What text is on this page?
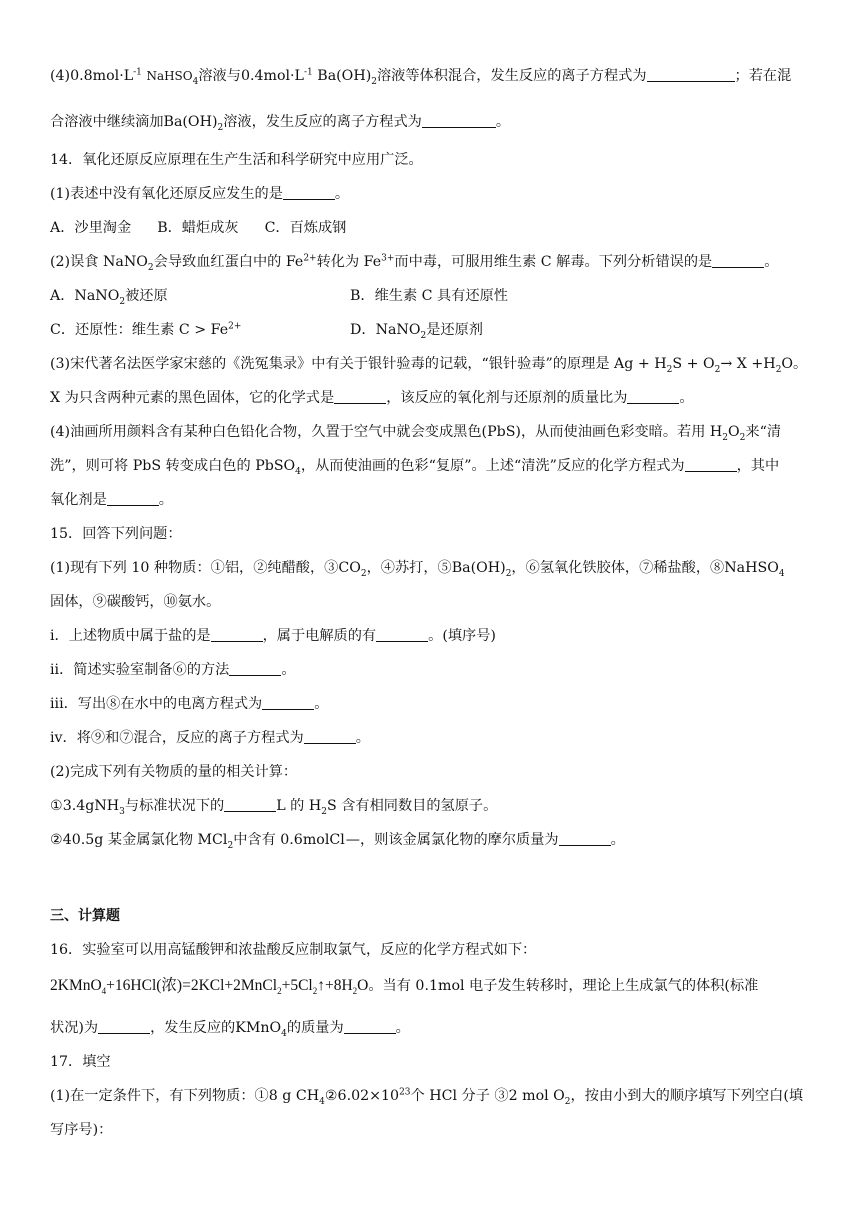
$(4)0.8mol\cdot L^{-1}$ NaHSO$_4$溶液与$0.4mol\cdot L^{-1}$ $Ba(OH)_2$溶液等体积混合，发生反应的离子方程式为	；若在混
合溶液中继续滴加$Ba(OH)_2$溶液，发生反应的离子方程式为	。
14．氧化还原反应原理在生产生活和科学研究中应用广泛。
(1)表述中没有氧化还原反应发生的是	。
A．沙里淘金 B．蜡炬成灰 C．百炼成钢
(2)误食 NaNO$_2$会导致血红蛋白中的 $Fe^{2+}$转化为 $Fe^{3+}$而中毒，可服用维生素 C 解毒。下列分析错误的是	。
A．NaNO$_2$被还原	B．维生素 C 具有还原性
C．还原性：维生素 $C > Fe^{2+}$	D．NaNO$_2$是还原剂
(3)宋代著名法医学家宋慈的《洗冤集录》中有关于银针验毒的记载，“银针验毒”的原理是 $Ag + H_2S + O_2\to X +H_2O$。
X 为只含两种元素的黑色固体，它的化学式是	，该反应的氧化剂与还原剂的质量比为	。
(4)油画所用颜料含有某种白色铅化合物，久置于空气中就会变成黑色(PbS)，从而使油画色彩变暗。若用 $H_2O_2$来“清
洗”，则可将 PbS 转变成白色的 PbSO$_4$，从而使油画的色彩“复原”。上述“清洗”反应的化学方程式为	，其中
氧化剂是	。
15．回答下列问题：
(1)现有下列 10 种物质：①铝，②纯醋酸，$③CO_2$，④苏打，$⑤Ba(OH)_2$，⑥氢氧化铁胶体，⑦稀盐酸，⑧NaHSO$_4$
固体，⑨碳酸钙，⑩氨水。
i．上述物质中属于盐的是	，属于电解质的有	。(填序号)
ii．简述实验室制备⑥的方法	。
iii．写出⑧在水中的电离方程式为	。
iv．将⑨和⑦混合，反应的离子方程式为	。
(2)完成下列有关物质的量的相关计算：
①3.4gNH$_3$与标准状况下的	L 的 $H_2S$ 含有相同数目的氢原子。
②40.5g 某金属氯化物 MCl$_2$中含有 0.6molCl—，则该金属氯化物的摩尔质量为	。
三、计算题
16．实验室可以用高锰酸钾和浓盐酸反应制取氯气，反应的化学方程式如下：
2KMnO$_4$+16HCl(浓)$=2KCl+2MnCl_2+5Cl_2↑+8H_2O$。当有 0.1mol 电子发生转移时，理论上生成氯气的体积(标准
状况)为	，发生反应的KMnO$_4$的质量为	。
17．填空
(1)在一定条件下，有下列物质：①8 g $CH_4②6.02\times 10^{23}$个 HCl 分子 ③2 mol $O_2$，按由小到大的顺序填写下列空白(填
写序号)：
